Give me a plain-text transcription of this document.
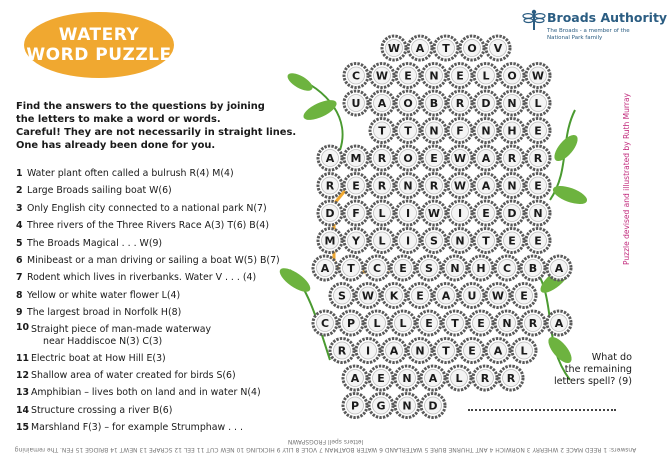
WATERY
WORD PUZZLE
Broads Authority
The Broads - a member of the National Park family

Find the answers to the questions by joining

the letters to make a word or words.

Careful! They are not necessarily in straight lines.

One has already been done for you.

1 Water plant often called a bulrush R(4) M(4)
2 Large Broads sailing boat W(6)
3 Only English city connected to a national park N(7)
4 Three rivers of the Three Rivers Race A(3) T(6) B(4)
5 The Broads Magical . . . W(9)
6 Minibeast or a man driving or sailing a boat W(5) B(7)
7 Rodent which lives in riverbanks. Water V . . . (4)
8 Yellow or white water flower L(4)
9 The largest broad in Norfolk H(8)
10 Straight piece of man-made waterway
near Haddiscoe N(3) C(3)
11 Electric boat at How Hill E(3)
12 Shallow area of water created for birds S(6)
13 Amphibian – lives both on land and in water N(4)
14 Structure crossing a river B(6)
15 Marshland F(3) – for example Strumphaw . . .
W A T O V
C W E N E L O W
U A O B R D N L
T T N F N H E
A M R O E W A R R
R E R N R W A N E
D F L I W I E D N
M Y L I S N T E E
A T C E S N H C B A
S W K E A U W E
C P L L E T E N R A
R I A N T E A L
A E N A L R R
P G N D
Puzzle devised and illustrated by Ruth Murray
What do
the remaining
letters spell? (9)
Answers: 1 REED MACE 2 WHERRY 3 NORWICH 4 ANT THURNE BURE 5 WATERLAND 6 WATER BOATMAN 7 VOLE 8 LILY 9 HICKLING 10 NEW CUT 11 EEL 12 SCRAPE 13 NEWT 14 BRIDGE 15 FEN. The remaining letters spell FROGSPAWN
